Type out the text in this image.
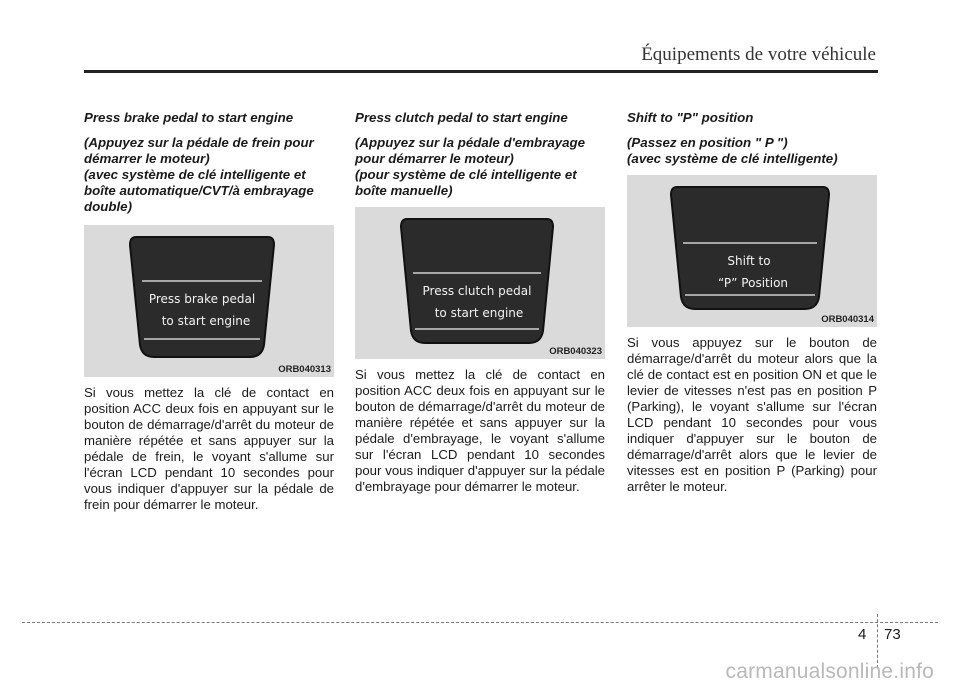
Équipements de votre véhicule

Press brake pedal to start engine

(Appuyez sur la pédale de frein pour
démarrer le moteur)
(avec système de clé intelligente et
boîte automatique/CVT/à embrayage
double)

Press brake pedal
to start engine
ORB040313

Si vous mettez la clé de contact en position ACC deux fois en appuyant sur le bouton de démarrage/d'arrêt du moteur de manière répétée et sans appuyer sur la pédale de frein, le voyant s'allume sur l'écran LCD pendant 10 secondes pour vous indiquer d'appuyer sur la pédale de frein pour démarrer le moteur.

Press clutch pedal to start engine

(Appuyez sur la pédale d'embrayage
pour démarrer le moteur)
(pour système de clé intelligente et
boîte manuelle)

Press clutch pedal
to start engine
ORB040323

Si vous mettez la clé de contact en position ACC deux fois en appuyant sur le bouton de démarrage/d'arrêt du moteur de manière répétée et sans appuyer sur la pédale d'embrayage, le voyant s'allume sur l'écran LCD pendant 10 secondes pour vous indiquer d'appuyer sur la pédale d'embrayage pour démarrer le moteur.

Shift to "P" position

(Passez en position " P ")
(avec système de clé intelligente)

Shift to
“P” Position
ORB040314

Si vous appuyez sur le bouton de démarrage/d'arrêt du moteur alors que la clé de contact est en position ON et que le levier de vitesses n'est pas en position P (Parking), le voyant s'allume sur l'écran LCD pendant 10 secondes pour vous indiquer d'appuyer sur le bouton de démarrage/d'arrêt alors que le levier de vitesses est en position P (Parking) pour arrêter le moteur.

4 73
carmanualsonline.info
